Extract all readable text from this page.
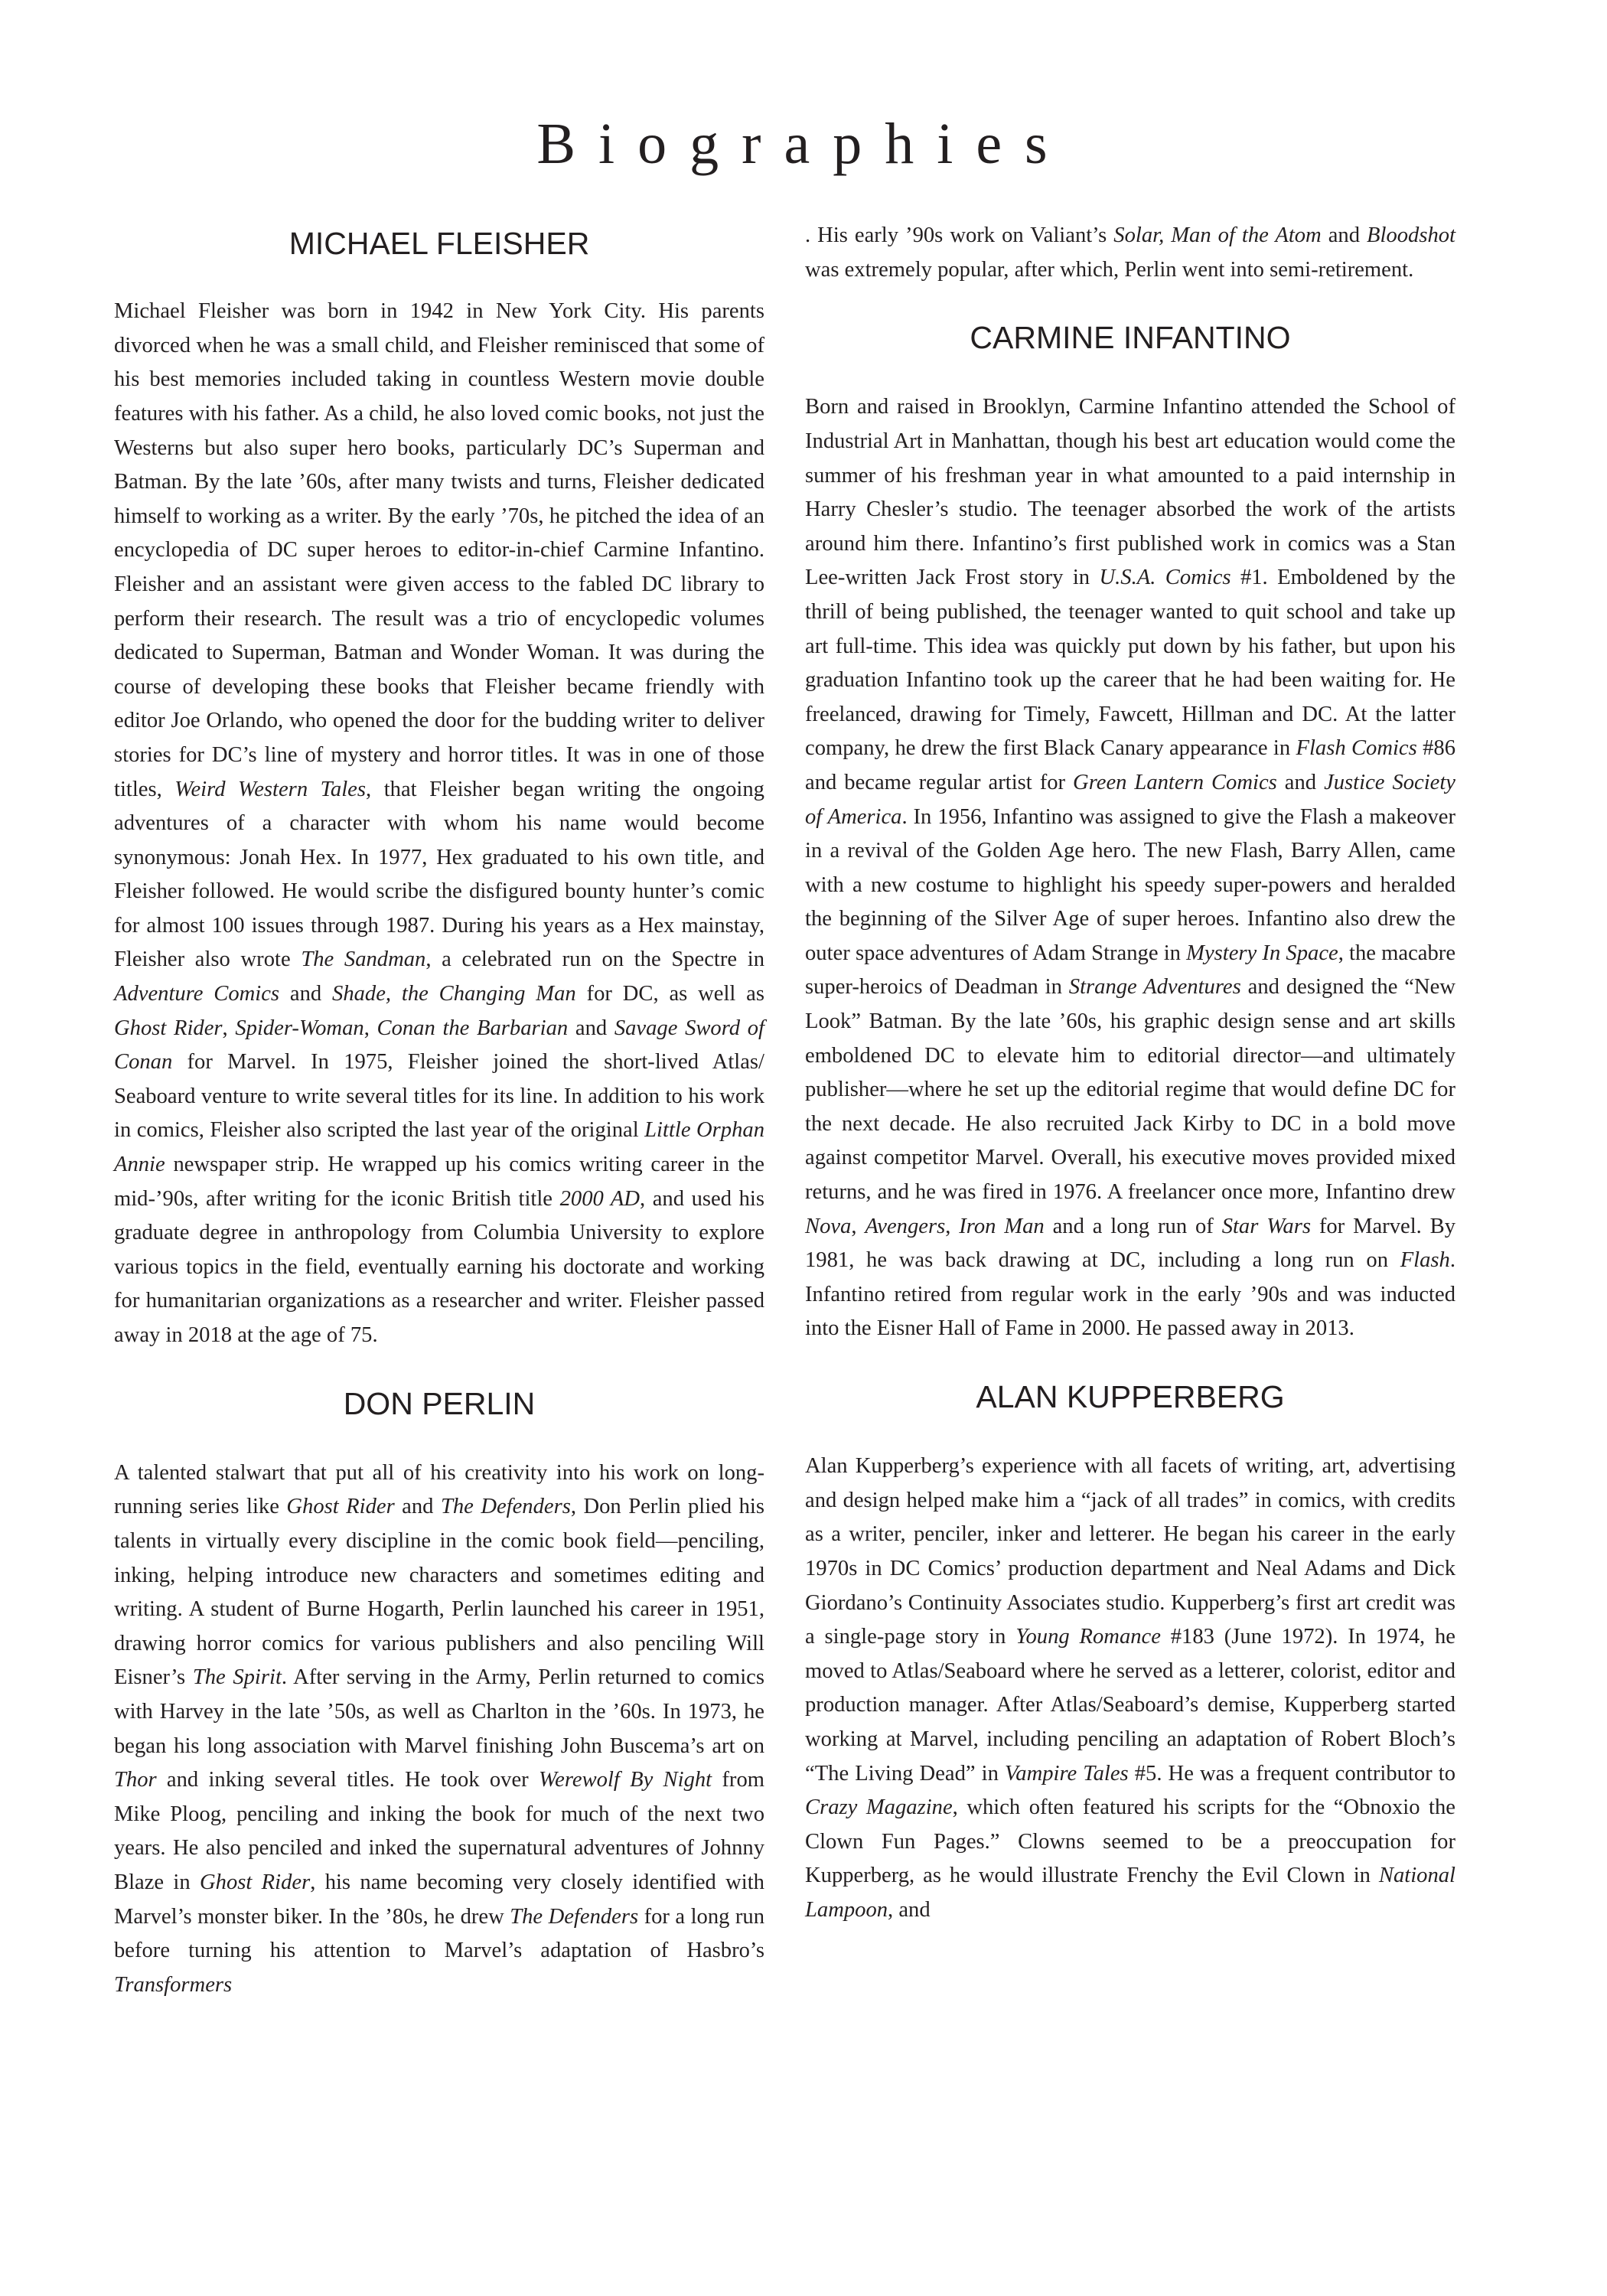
Biographies
MICHAEL FLEISHER

Michael Fleisher was born in 1942 in New York City. His parents divorced when he was a small child, and Fleisher reminisced that some of his best memories included taking in countless Western movie double features with his father. As a child, he also loved comic books, not just the Westerns but also super hero books, particularly DC’s Superman and Batman. By the late ’60s, after many twists and turns, Fleisher dedicated himself to working as a writer. By the early ’70s, he pitched the idea of an encyclopedia of DC super heroes to editor-in-chief Carmine Infantino. Fleisher and an assistant were given access to the fabled DC library to perform their research. The result was a trio of encyclopedic volumes dedicated to Superman, Batman and Wonder Woman. It was during the course of developing these books that Fleisher became friendly with editor Joe Orlando, who opened the door for the budding writer to deliver stories for DC’s line of mystery and horror titles. It was in one of those titles, Weird Western Tales, that Fleisher began writing the ongoing adventures of a character with whom his name would become synonymous: Jonah Hex. In 1977, Hex graduated to his own title, and Fleisher followed. He would scribe the disfigured bounty hunter’s comic for almost 100 issues through 1987. During his years as a Hex mainstay, Fleisher also wrote The Sandman, a celebrated run on the Spectre in Adventure Comics and Shade, the Changing Man for DC, as well as Ghost Rider, Spider-Woman, Conan the Barbarian and Savage Sword of Conan for Marvel. In 1975, Fleisher joined the short-lived Atlas/ Seaboard venture to write several titles for its line. In addition to his work in comics, Fleisher also scripted the last year of the original Little Orphan Annie newspaper strip. He wrapped up his comics writing career in the mid-’90s, after writing for the iconic British title 2000 AD, and used his graduate degree in anthropology from Columbia University to explore various topics in the field, eventually earning his doctorate and working for humanitarian organizations as a researcher and writer. Fleisher passed away in 2018 at the age of 75.

DON PERLIN

A talented stalwart that put all of his creativity into his work on long-running series like Ghost Rider and The Defenders, Don Perlin plied his talents in virtually every discipline in the comic book field—penciling, inking, helping introduce new characters and sometimes editing and writing. A student of Burne Hogarth, Perlin launched his career in 1951, drawing horror comics for various publishers and also penciling Will Eisner’s The Spirit. After serving in the Army, Perlin returned to comics with Harvey in the late ’50s, as well as Charlton in the ’60s. In 1973, he began his long association with Marvel finishing John Buscema’s art on Thor and inking several titles. He took over Werewolf By Night from Mike Ploog, penciling and inking the book for much of the next two years. He also penciled and inked the supernatural adventures of Johnny Blaze in Ghost Rider, his name becoming very closely identified with Marvel’s monster biker. In the ’80s, he drew The Defenders for a long run before turning his attention to Marvel’s adaptation of Hasbro’s Transformers

. His early ’90s work on Valiant’s Solar, Man of the Atom and Bloodshot was extremely popular, after which, Perlin went into semi-retirement.

CARMINE INFANTINO

Born and raised in Brooklyn, Carmine Infantino attended the School of Industrial Art in Manhattan, though his best art education would come the summer of his freshman year in what amounted to a paid internship in Harry Chesler’s studio. The teenager absorbed the work of the artists around him there. Infantino’s first published work in comics was a Stan Lee-written Jack Frost story in U.S.A. Comics #1. Emboldened by the thrill of being published, the teenager wanted to quit school and take up art full-time. This idea was quickly put down by his father, but upon his graduation Infantino took up the career that he had been waiting for. He freelanced, drawing for Timely, Fawcett, Hillman and DC. At the latter company, he drew the first Black Canary appearance in Flash Comics #86 and became regular artist for Green Lantern Comics and Justice Society of America. In 1956, Infantino was assigned to give the Flash a makeover in a revival of the Golden Age hero. The new Flash, Barry Allen, came with a new costume to highlight his speedy super-powers and heralded the beginning of the Silver Age of super heroes. Infantino also drew the outer space adventures of Adam Strange in Mystery In Space, the macabre super-heroics of Deadman in Strange Adventures and designed the “New Look” Batman. By the late ’60s, his graphic design sense and art skills emboldened DC to elevate him to editorial director—and ultimately publisher—where he set up the editorial regime that would define DC for the next decade. He also recruited Jack Kirby to DC in a bold move against competitor Marvel. Overall, his executive moves provided mixed returns, and he was fired in 1976. A freelancer once more, Infantino drew Nova, Avengers, Iron Man and a long run of Star Wars for Marvel. By 1981, he was back drawing at DC, including a long run on Flash. Infantino retired from regular work in the early ’90s and was inducted into the Eisner Hall of Fame in 2000. He passed away in 2013.

ALAN KUPPERBERG

Alan Kupperberg’s experience with all facets of writing, art, advertising and design helped make him a “jack of all trades” in comics, with credits as a writer, penciler, inker and letterer. He began his career in the early 1970s in DC Comics’ production department and Neal Adams and Dick Giordano’s Continuity Associates studio. Kupperberg’s first art credit was a single-page story in Young Romance #183 (June 1972). In 1974, he moved to Atlas/Seaboard where he served as a letterer, colorist, editor and production manager. After Atlas/Seaboard’s demise, Kupperberg started working at Marvel, including penciling an adaptation of Robert Bloch’s “The Living Dead” in Vampire Tales #5. He was a frequent contributor to Crazy Magazine, which often featured his scripts for the “Obnoxio the Clown Fun Pages.” Clowns seemed to be a preoccupation for Kupperberg, as he would illustrate Frenchy the Evil Clown in National Lampoon, and
